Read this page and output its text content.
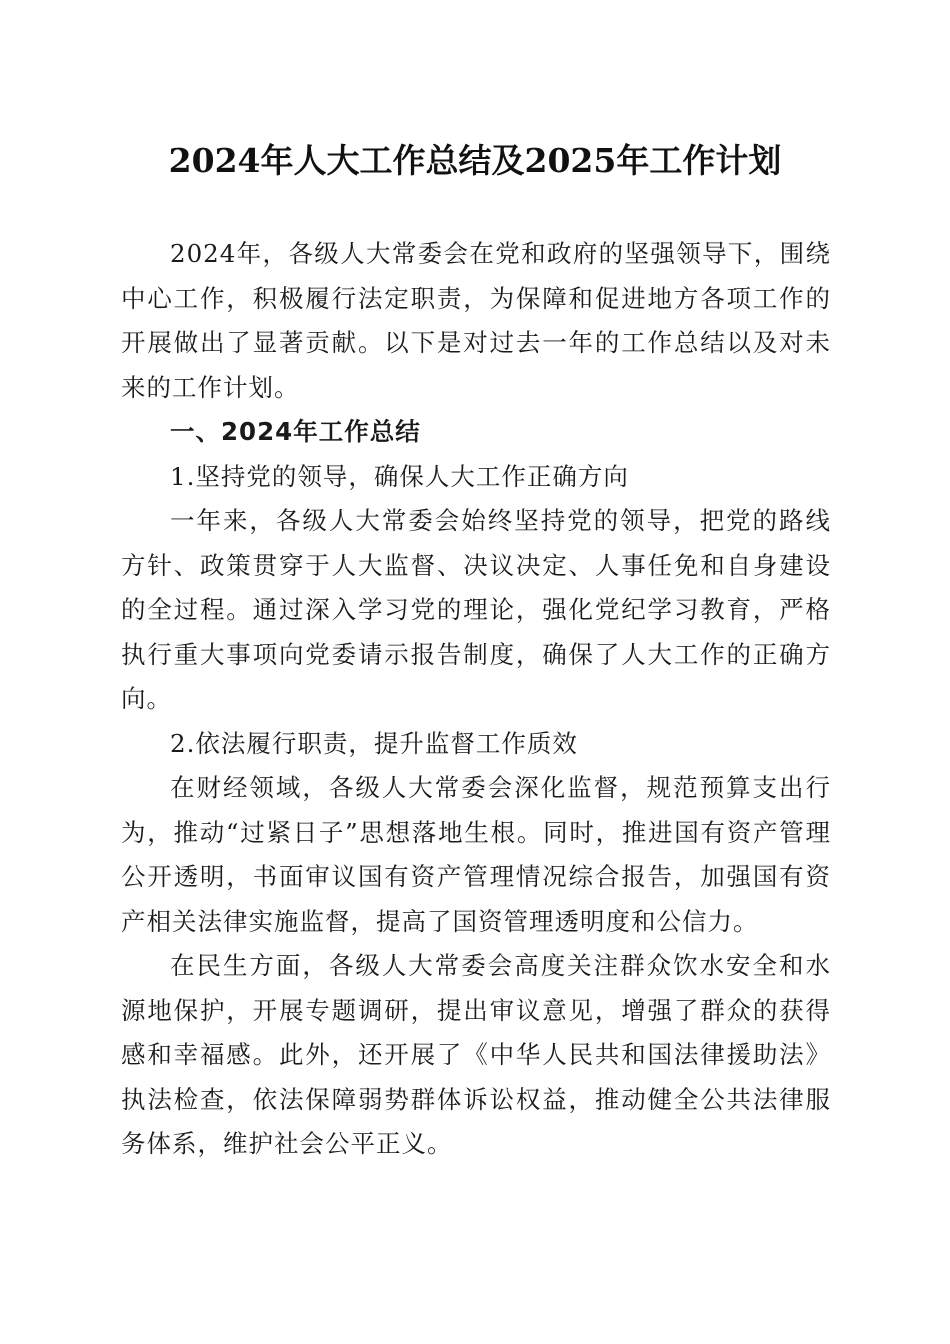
2024年人大工作总结及2025年工作计划

2024年，各级人大常委会在党和政府的坚强领导下，围绕中心工作，积极履行法定职责，为保障和促进地方各项工作的开展做出了显著贡献。以下是对过去一年的工作总结以及对未来的工作计划。

一、2024年工作总结

1.坚持党的领导，确保人大工作正确方向

一年来，各级人大常委会始终坚持党的领导，把党的路线方针、政策贯穿于人大监督、决议决定、人事任免和自身建设的全过程。通过深入学习党的理论，强化党纪学习教育，严格执行重大事项向党委请示报告制度，确保了人大工作的正确方向。

2.依法履行职责，提升监督工作质效

在财经领域，各级人大常委会深化监督，规范预算支出行为，推动“过紧日子”思想落地生根。同时，推进国有资产管理公开透明，书面审议国有资产管理情况综合报告，加强国有资产相关法律实施监督，提高了国资管理透明度和公信力。

在民生方面，各级人大常委会高度关注群众饮水安全和水源地保护，开展专题调研，提出审议意见，增强了群众的获得感和幸福感。此外，还开展了《中华人民共和国法律援助法》执法检查，依法保障弱势群体诉讼权益，推动健全公共法律服务体系，维护社会公平正义。
